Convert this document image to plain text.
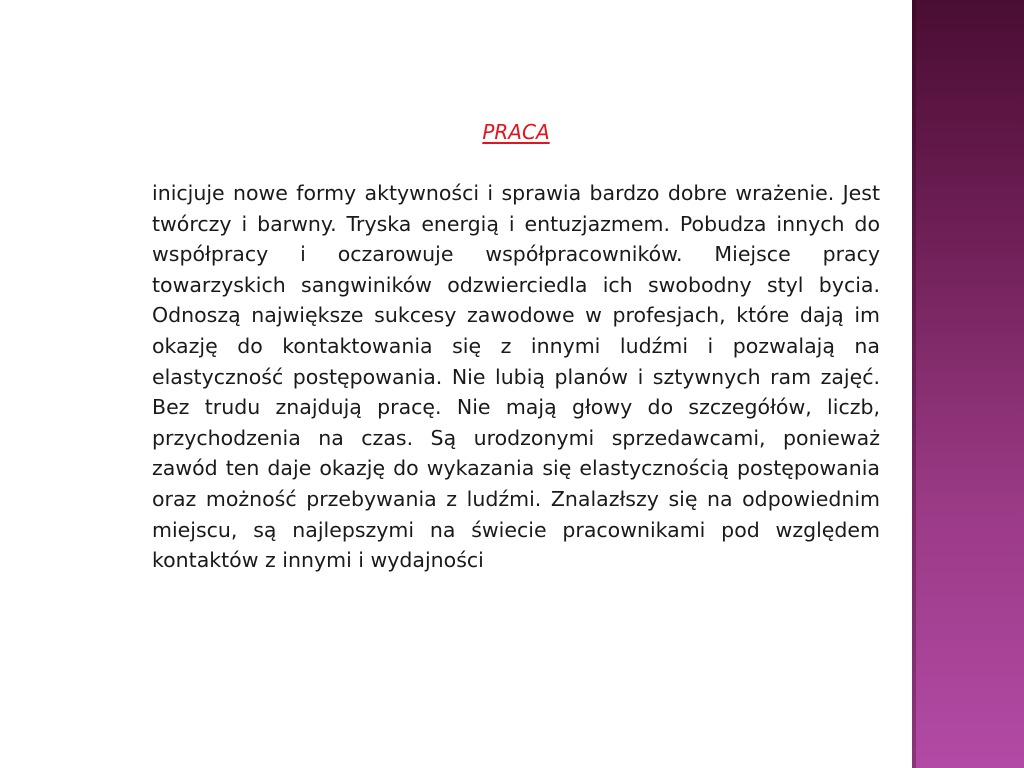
PRACA

inicjuje nowe formy aktywności i sprawia bardzo dobre wrażenie. Jest twórczy i barwny. Tryska energią i entuzjazmem. Pobudza innych do współpracy i oczarowuje współpracowników. Miejsce pracy towarzyskich sangwiników odzwierciedla ich swobodny styl bycia. Odnoszą największe sukcesy zawodowe w profesjach, które dają im okazję do kontaktowania się z innymi ludźmi i pozwalają na elastyczność postępowania. Nie lubią planów i sztywnych ram zajęć. Bez trudu znajdują pracę. Nie mają głowy do szczegółów, liczb, przychodzenia na czas. Są urodzonymi sprzedawcami, ponieważ zawód ten daje okazję do wykazania się elastycznością postępowania oraz możność przebywania z ludźmi. Znalazłszy się na odpowiednim miejscu, są najlepszymi na świecie pracownikami pod względem kontaktów z innymi i wydajności
